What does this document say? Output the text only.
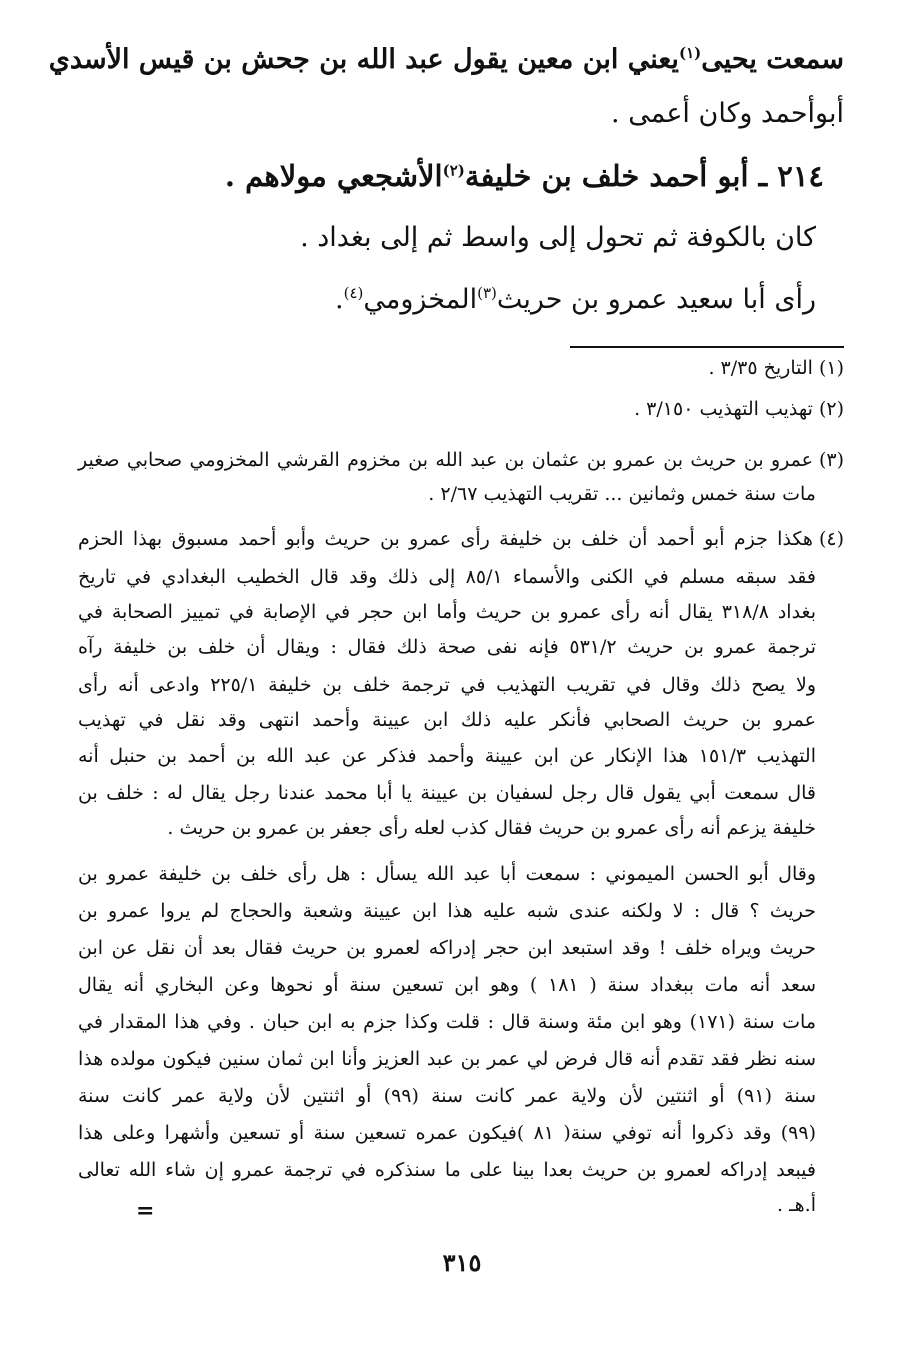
سمعت يحيى$^{(١)}$يعني ابن معين يقول عبد الله بن جحش بن قيس الأسدي
أبوأحمد وكان أعمى .
٢١٤ ـ أبو أحمد خلف بن خليفة$^{(٢)}$الأشجعي مولاهم .
كان بالكوفة ثم تحول إلى واسط ثم إلى بغداد .
رأى أبا سعيد عمرو بن حريث$^{(٣)}$المخزومي$^{(٤)}$.
(١)التاريخ ٣/٣٥ .
(٢)تهذيب التهذيب ٣/١٥٠ .
(٣)عمرو بن حريث بن عمرو بن عثمان بن عبد الله بن مخزوم القرشي المخزومي صحابي صغير
مات سنة خمس وثمانين ... تقريب التهذيب ٢/٦٧ .
(٤)هكذا جزم أبو أحمد أن خلف بن خليفة رأى عمرو بن حريث وأبو أحمد مسبوق بهذا الحزم
فقد سبقه مسلم في الكنى والأسماء ٨٥/١ إلى ذلك وقد قال الخطيب البغدادي في تاريخ
بغداد ٣١٨/٨ يقال أنه رأى عمرو بن حريث وأما ابن حجر في الإصابة في تمييز الصحابة في
ترجمة عمرو بن حريث ٥٣١/٢ فإنه نفى صحة ذلك فقال : ويقال أن خلف بن خليفة رآه
ولا يصح ذلك وقال في تقريب التهذيب في ترجمة خلف بن خليفة ٢٢٥/١ وادعى أنه رأى
عمرو بن حريث الصحابي فأنكر عليه ذلك ابن عيينة وأحمد انتهى وقد نقل في تهذيب
التهذيب ١٥١/٣ هذا الإنكار عن ابن عيينة وأحمد فذكر عن عبد الله بن أحمد بن حنبل أنه
قال سمعت أبي يقول قال رجل لسفيان بن عيينة يا أبا محمد عندنا رجل يقال له : خلف بن
خليفة يزعم أنه رأى عمرو بن حريث فقال كذب لعله رأى جعفر بن عمرو بن حريث .
وقال أبو الحسن الميموني : سمعت أبا عبد الله يسأل : هل رأى خلف بن خليفة عمرو بن
حريث ؟ قال : لا ولكنه عندى شبه عليه هذا ابن عيينة وشعبة والحجاج لم يروا عمرو بن
حريث ويراه خلف ! وقد استبعد ابن حجر إدراكه لعمرو بن حريث فقال بعد أن نقل عن ابن
سعد أنه مات ببغداد سنة ( ١٨١ ) وهو ابن تسعين سنة أو نحوها وعن البخاري أنه يقال
مات سنة (١٧١) وهو ابن مئة وسنة قال : قلت وكذا جزم به ابن حبان . وفي هذا المقدار في
سنه نظر فقد تقدم أنه قال فرض لي عمر بن عبد العزيز وأنا ابن ثمان سنين فيكون مولده هذا
سنة (٩١) أو اثنتين لأن ولاية عمر كانت سنة (٩٩) أو اثنتين لأن ولاية عمر كانت سنة
(٩٩) وقد ذكروا أنه توفي سنة( ٨١ )فيكون عمره تسعين سنة أو تسعين وأشهرا وعلى هذا
فيبعد إدراكه لعمرو بن حريث بعدا بينا على ما سنذكره في ترجمة عمرو إن شاء الله تعالى
أ.هـ .
=
٣١٥
